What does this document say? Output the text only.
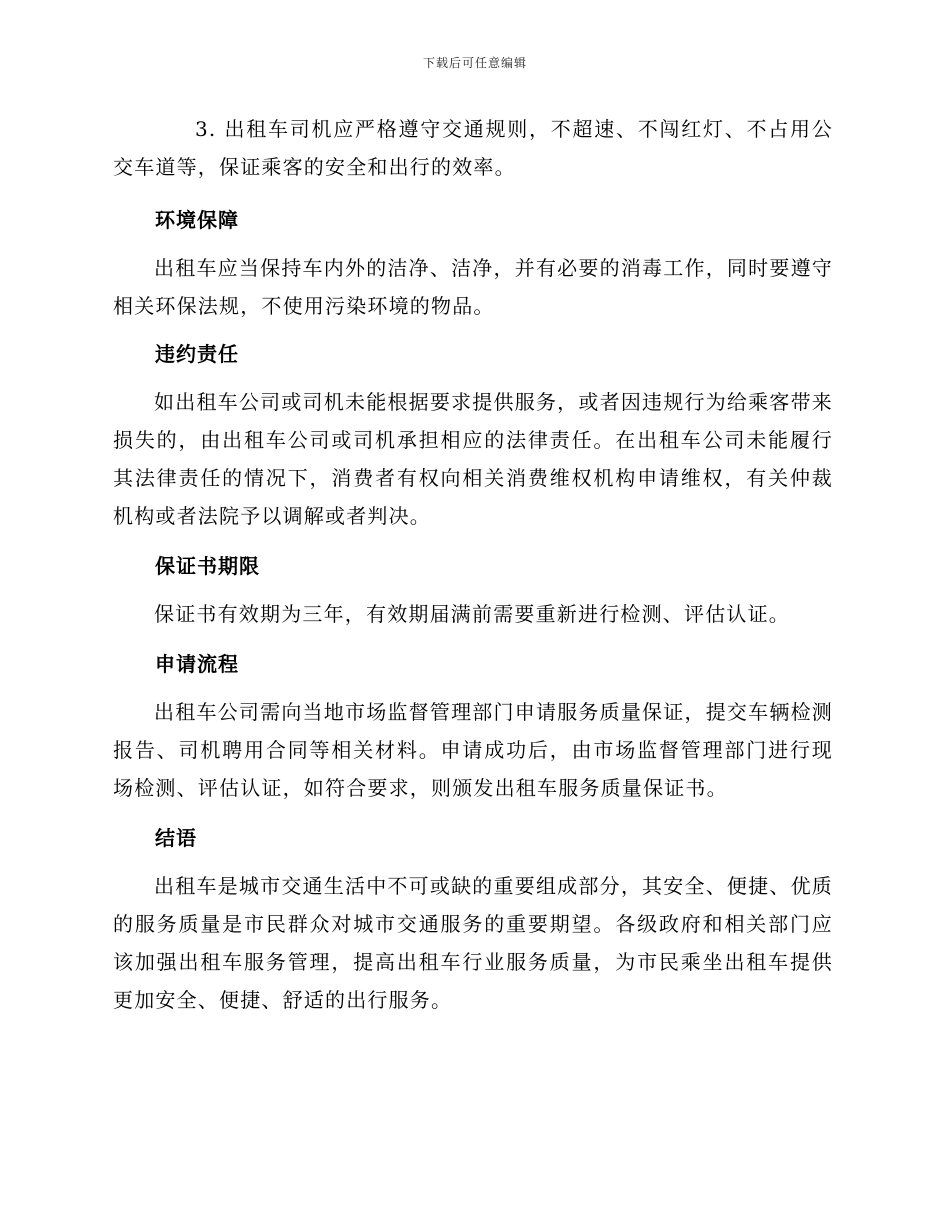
下载后可任意编辑

3. 出租车司机应严格遵守交通规则，不超速、不闯红灯、不占用公交车道等，保证乘客的安全和出行的效率。

环境保障

出租车应当保持车内外的洁净、洁净，并有必要的消毒工作，同时要遵守相关环保法规，不使用污染环境的物品。

违约责任

如出租车公司或司机未能根据要求提供服务，或者因违规行为给乘客带来损失的，由出租车公司或司机承担相应的法律责任。在出租车公司未能履行其法律责任的情况下，消费者有权向相关消费维权机构申请维权，有关仲裁机构或者法院予以调解或者判决。

保证书期限

保证书有效期为三年，有效期届满前需要重新进行检测、评估认证。

申请流程

出租车公司需向当地市场监督管理部门申请服务质量保证，提交车辆检测报告、司机聘用合同等相关材料。申请成功后，由市场监督管理部门进行现场检测、评估认证，如符合要求，则颁发出租车服务质量保证书。

结语

出租车是城市交通生活中不可或缺的重要组成部分，其安全、便捷、优质的服务质量是市民群众对城市交通服务的重要期望。各级政府和相关部门应该加强出租车服务管理，提高出租车行业服务质量，为市民乘坐出租车提供更加安全、便捷、舒适的出行服务。
